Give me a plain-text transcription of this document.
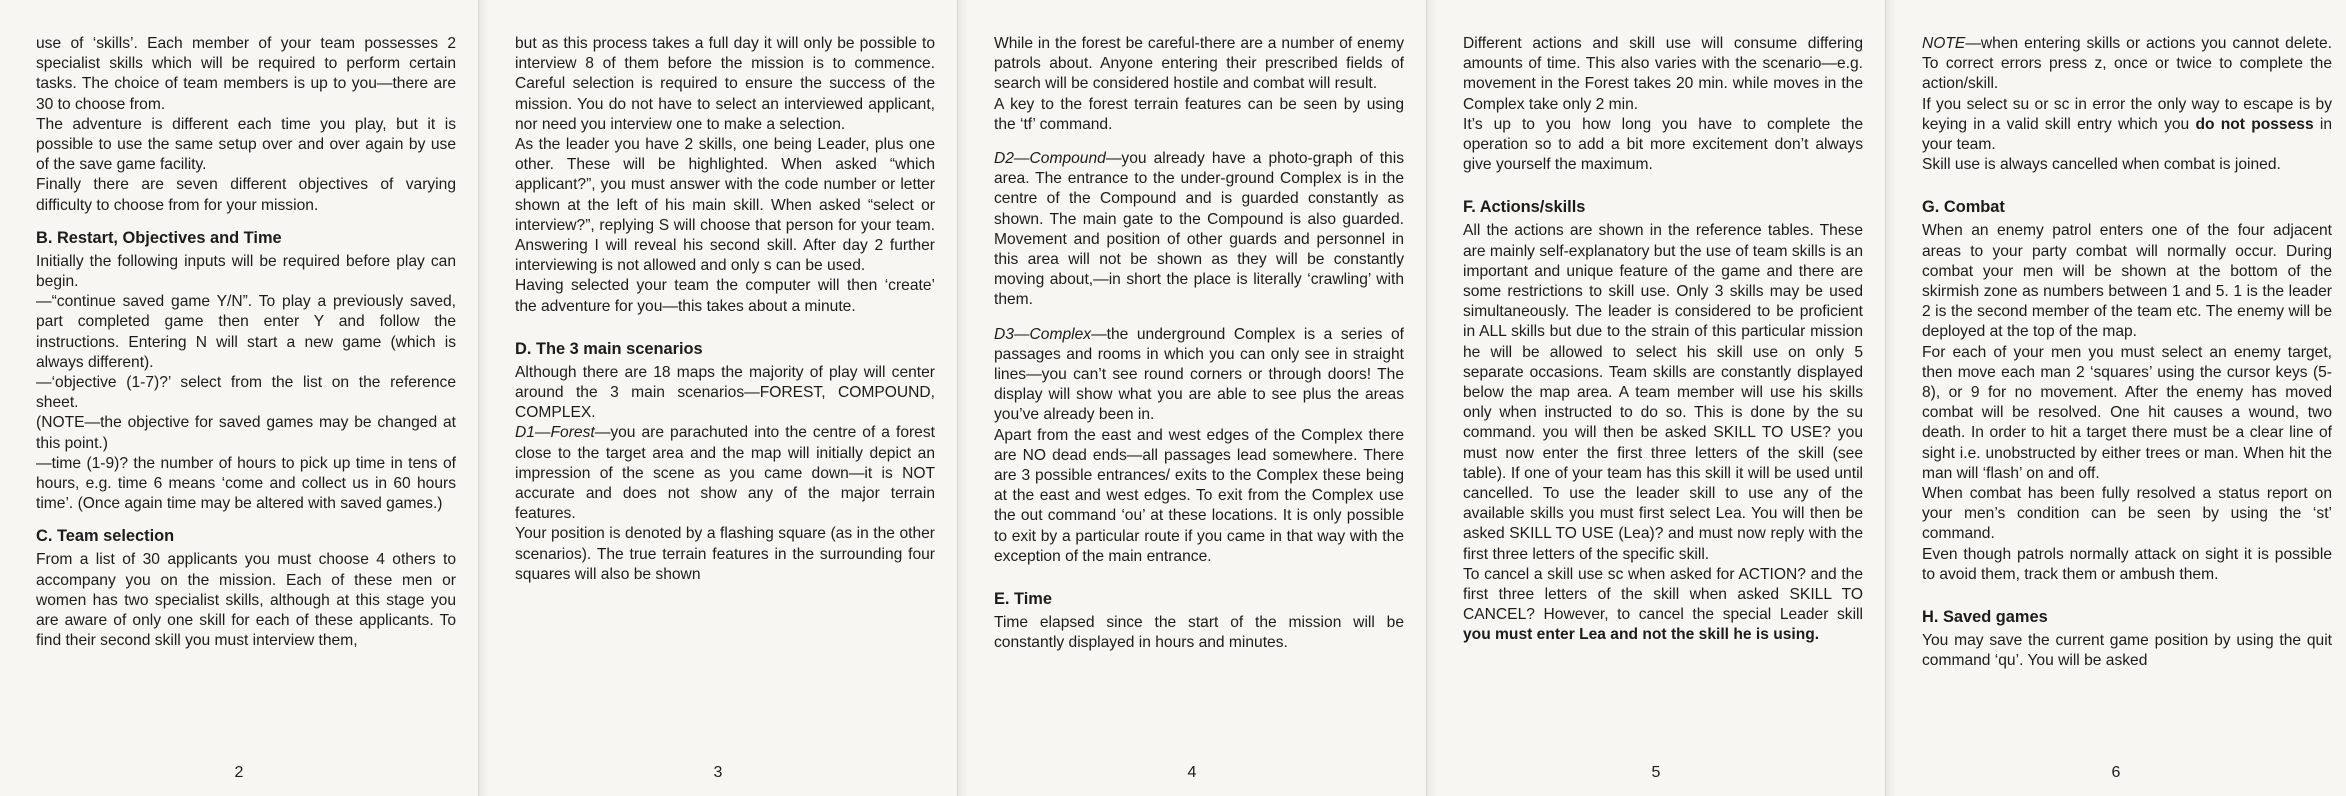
use of ‘skills’. Each member of your team possesses 2 specialist skills which will be required to perform certain tasks. The choice of team members is up to you—there are 30 to choose from.

The adventure is different each time you play, but it is possible to use the same setup over and over again by use of the save game facility.

Finally there are seven different objectives of varying difficulty to choose from for your mission.

B. Restart, Objectives and Time

Initially the following inputs will be required before play can begin.

—“continue saved game Y/N”. To play a previously saved, part completed game then enter Y and follow the instructions. Entering N will start a new game (which is always different).

—‘objective (1-7)?’ select from the list on the reference sheet.

(NOTE—the objective for saved games may be changed at this point.)

—time (1-9)? the number of hours to pick up time in tens of hours, e.g. time 6 means ‘come and collect us in 60 hours time’. (Once again time may be altered with saved games.)

C. Team selection

From a list of 30 applicants you must choose 4 others to accompany you on the mission. Each of these men or women has two specialist skills, although at this stage you are aware of only one skill for each of these applicants. To find their second skill you must interview them,

2

but as this process takes a full day it will only be possible to interview 8 of them before the mission is to commence. Careful selection is required to ensure the success of the mission. You do not have to select an interviewed applicant, nor need you interview one to make a selection.

As the leader you have 2 skills, one being Leader, plus one other. These will be highlighted. When asked “which applicant?”, you must answer with the code number or letter shown at the left of his main skill. When asked “select or interview?”, replying S will choose that person for your team. Answering I will reveal his second skill. After day 2 further interviewing is not allowed and only s can be used.

Having selected your team the computer will then ‘create’ the adventure for you—this takes about a minute.

D. The 3 main scenarios

Although there are 18 maps the majority of play will center around the 3 main scenarios—FOREST, COMPOUND, COMPLEX.

D1—Forest—you are parachuted into the centre of a forest close to the target area and the map will initially depict an impression of the scene as you came down—it is NOT accurate and does not show any of the major terrain features.

Your position is denoted by a flashing square (as in the other scenarios). The true terrain features in the surrounding four squares will also be shown

3

While in the forest be careful-there are a number of enemy patrols about. Anyone entering their prescribed fields of search will be considered hostile and combat will result.

A key to the forest terrain features can be seen by using the ‘tf’ command.

D2—Compound—you already have a photo-graph of this area. The entrance to the under-ground Complex is in the centre of the Compound and is guarded constantly as shown. The main gate to the Compound is also guarded. Movement and position of other guards and personnel in this area will not be shown as they will be constantly moving about,—in short the place is literally ‘crawling’ with them.

D3—Complex—the underground Complex is a series of passages and rooms in which you can only see in straight lines—you can’t see round corners or through doors! The display will show what you are able to see plus the areas you’ve already been in.

Apart from the east and west edges of the Complex there are NO dead ends—all passages lead somewhere. There are 3 possible entrances/ exits to the Complex these being at the east and west edges. To exit from the Complex use the out command ‘ou’ at these locations. It is only possible to exit by a particular route if you came in that way with the exception of the main entrance.

E. Time

Time elapsed since the start of the mission will be constantly displayed in hours and minutes.

4

Different actions and skill use will consume differing amounts of time. This also varies with the scenario—e.g. movement in the Forest takes 20 min. while moves in the Complex take only 2 min.

It’s up to you how long you have to complete the operation so to add a bit more excitement don’t always give yourself the maximum.

F. Actions/skills

All the actions are shown in the reference tables. These are mainly self-explanatory but the use of team skills is an important and unique feature of the game and there are some restrictions to skill use. Only 3 skills may be used simultaneously. The leader is considered to be proficient in ALL skills but due to the strain of this particular mission he will be allowed to select his skill use on only 5 separate occasions. Team skills are constantly displayed below the map area. A team member will use his skills only when instructed to do so. This is done by the su command. you will then be asked SKILL TO USE? you must now enter the first three letters of the skill (see table). If one of your team has this skill it will be used until cancelled. To use the leader skill to use any of the available skills you must first select Lea. You will then be asked SKILL TO USE (Lea)? and must now reply with the first three letters of the specific skill.

To cancel a skill use sc when asked for ACTION? and the first three letters of the skill when asked SKILL TO CANCEL? However, to cancel the special Leader skill you must enter Lea and not the skill he is using.

5

NOTE—when entering skills or actions you cannot delete. To correct errors press z, once or twice to complete the action/skill.

If you select su or sc in error the only way to escape is by keying in a valid skill entry which you do not possess in your team.

Skill use is always cancelled when combat is joined.

G. Combat

When an enemy patrol enters one of the four adjacent areas to your party combat will normally occur. During combat your men will be shown at the bottom of the skirmish zone as numbers between 1 and 5. 1 is the leader 2 is the second member of the team etc. The enemy will be deployed at the top of the map.

For each of your men you must select an enemy target, then move each man 2 ‘squares’ using the cursor keys (5-8), or 9 for no movement. After the enemy has moved combat will be resolved. One hit causes a wound, two death. In order to hit a target there must be a clear line of sight i.e. unobstructed by either trees or man. When hit the man will ‘flash’ on and off.

When combat has been fully resolved a status report on your men’s condition can be seen by using the ‘st’ command.

Even though patrols normally attack on sight it is possible to avoid them, track them or ambush them.

H. Saved games

You may save the current game position by using the quit command ‘qu’. You will be asked

6
